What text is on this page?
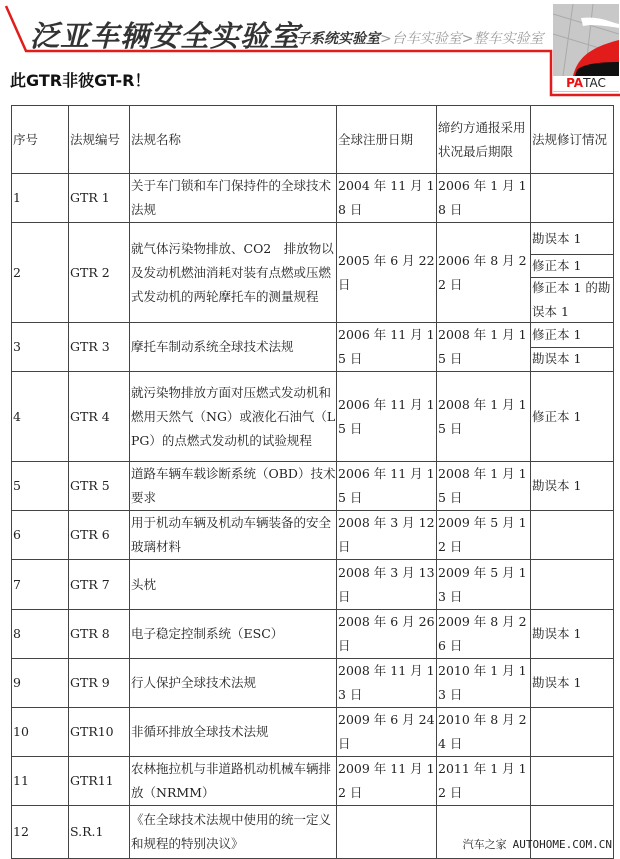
泛亚车辆安全实验室
子系统实验室>台车实验室>整车实验室
PATAC
此GTR非彼GT-R！
序号	法规编号	法规名称	全球注册日期	缔约方通报采用状况最后期限	法规修订情况
1	GTR 1	关于车门锁和车门保持件的全球技术法规	2004 年 11 月 18 日	2006 年 1 月 18 日	
2	GTR 2	就气体污染物排放、CO2　排放物以及发动机燃油消耗对装有点燃或压燃式发动机的两轮摩托车的测量规程	2005 年 6 月 22 日	2006 年 8 月 22 日	勘误本 1
修正本 1
修正本 1 的勘误本 1

3	GTR 3	摩托车制动系统全球技术法规	2006 年 11 月 15 日	2008 年 1 月 15 日	修正本 1
勘误本 1

4	GTR 4	就污染物排放方面对压燃式发动机和燃用天然气（NG）或液化石油气（LPG）的点燃式发动机的试验规程	2006 年 11 月 15 日	2008 年 1 月 15 日	修正本 1
5	GTR 5	道路车辆车载诊断系统（OBD）技术要求	2006 年 11 月 15 日	2008 年 1 月 15 日	勘误本 1
6	GTR 6	用于机动车辆及机动车辆装备的安全玻璃材料	2008 年 3 月 12 日	2009 年 5 月 12 日	
7	GTR 7	头枕	2008 年 3 月 13 日	2009 年 5 月 13 日	
8	GTR 8	电子稳定控制系统（ESC）	2008 年 6 月 26 日	2009 年 8 月 26 日	勘误本 1
9	GTR 9	行人保护全球技术法规	2008 年 11 月 13 日	2010 年 1 月 13 日	勘误本 1
10	GTR10	非循环排放全球技术法规	2009 年 6 月 24 日	2010 年 8 月 24 日	
11	GTR11	农林拖拉机与非道路机动机械车辆排放（NRMM）	2009 年 11 月 12 日	2011 年 1 月 12 日	
12	S.R.1	《在全球技术法规中使用的统一定义和规程的特别决议》				汽车之家 AUTOHOME.COM.CN
